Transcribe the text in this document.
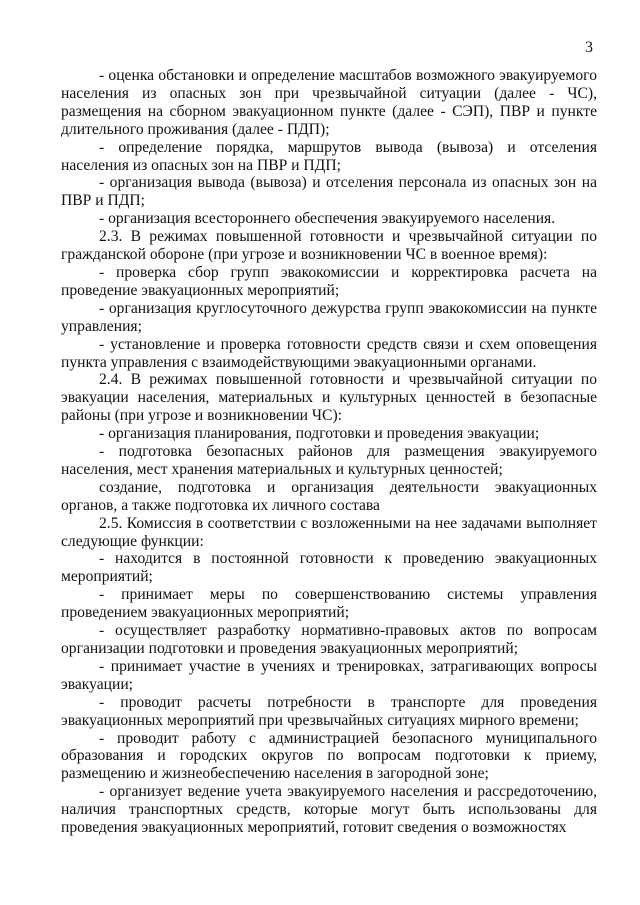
3

- оценка обстановки и определение масштабов возможного эвакуируемого населения из опасных зон при чрезвычайной ситуации (далее - ЧС), размещения на сборном эвакуационном пункте (далее - СЭП), ПВР и пункте длительного проживания (далее - ПДП);

- определение порядка, маршрутов вывода (вывоза) и отселения населения из опасных зон на ПВР и ПДП;

- организация вывода (вывоза) и отселения персонала из опасных зон на ПВР и ПДП;

- организация всестороннего обеспечения эвакуируемого населения.

2.3. В режимах повышенной готовности и чрезвычайной ситуации по гражданской обороне (при угрозе и возникновении ЧС в военное время):

- проверка сбор групп эвакокомиссии и корректировка расчета на проведение эвакуационных мероприятий;

- организация круглосуточного дежурства групп эвакокомиссии на пункте управления;

- установление и проверка готовности средств связи и схем оповещения пункта управления с взаимодействующими эвакуационными органами.

2.4. В режимах повышенной готовности и чрезвычайной ситуации по эвакуации населения, материальных и культурных ценностей в безопасные районы (при угрозе и возникновении ЧС):

- организация планирования, подготовки и проведения эвакуации;

- подготовка безопасных районов для размещения эвакуируемого населения, мест хранения материальных и культурных ценностей;

создание, подготовка и организация деятельности эвакуационных органов, а также подготовка их личного состава

2.5. Комиссия в соответствии с возложенными на нее задачами выполняет следующие функции:

- находится в постоянной готовности к проведению эвакуационных мероприятий;

- принимает меры по совершенствованию системы управления проведением эвакуационных мероприятий;

- осуществляет разработку нормативно-правовых актов по вопросам организации подготовки и проведения эвакуационных мероприятий;

- принимает участие в учениях и тренировках, затрагивающих вопросы эвакуации;

- проводит расчеты потребности в транспорте для проведения эвакуационных мероприятий при чрезвычайных ситуациях мирного времени;

- проводит работу с администрацией безопасного муниципального образования и городских округов по вопросам подготовки к приему, размещению и жизнеобеспечению населения в загородной зоне;

- организует ведение учета эвакуируемого населения и рассредоточению, наличия транспортных средств, которые могут быть использованы для проведения эвакуационных мероприятий, готовит сведения о возможностях
